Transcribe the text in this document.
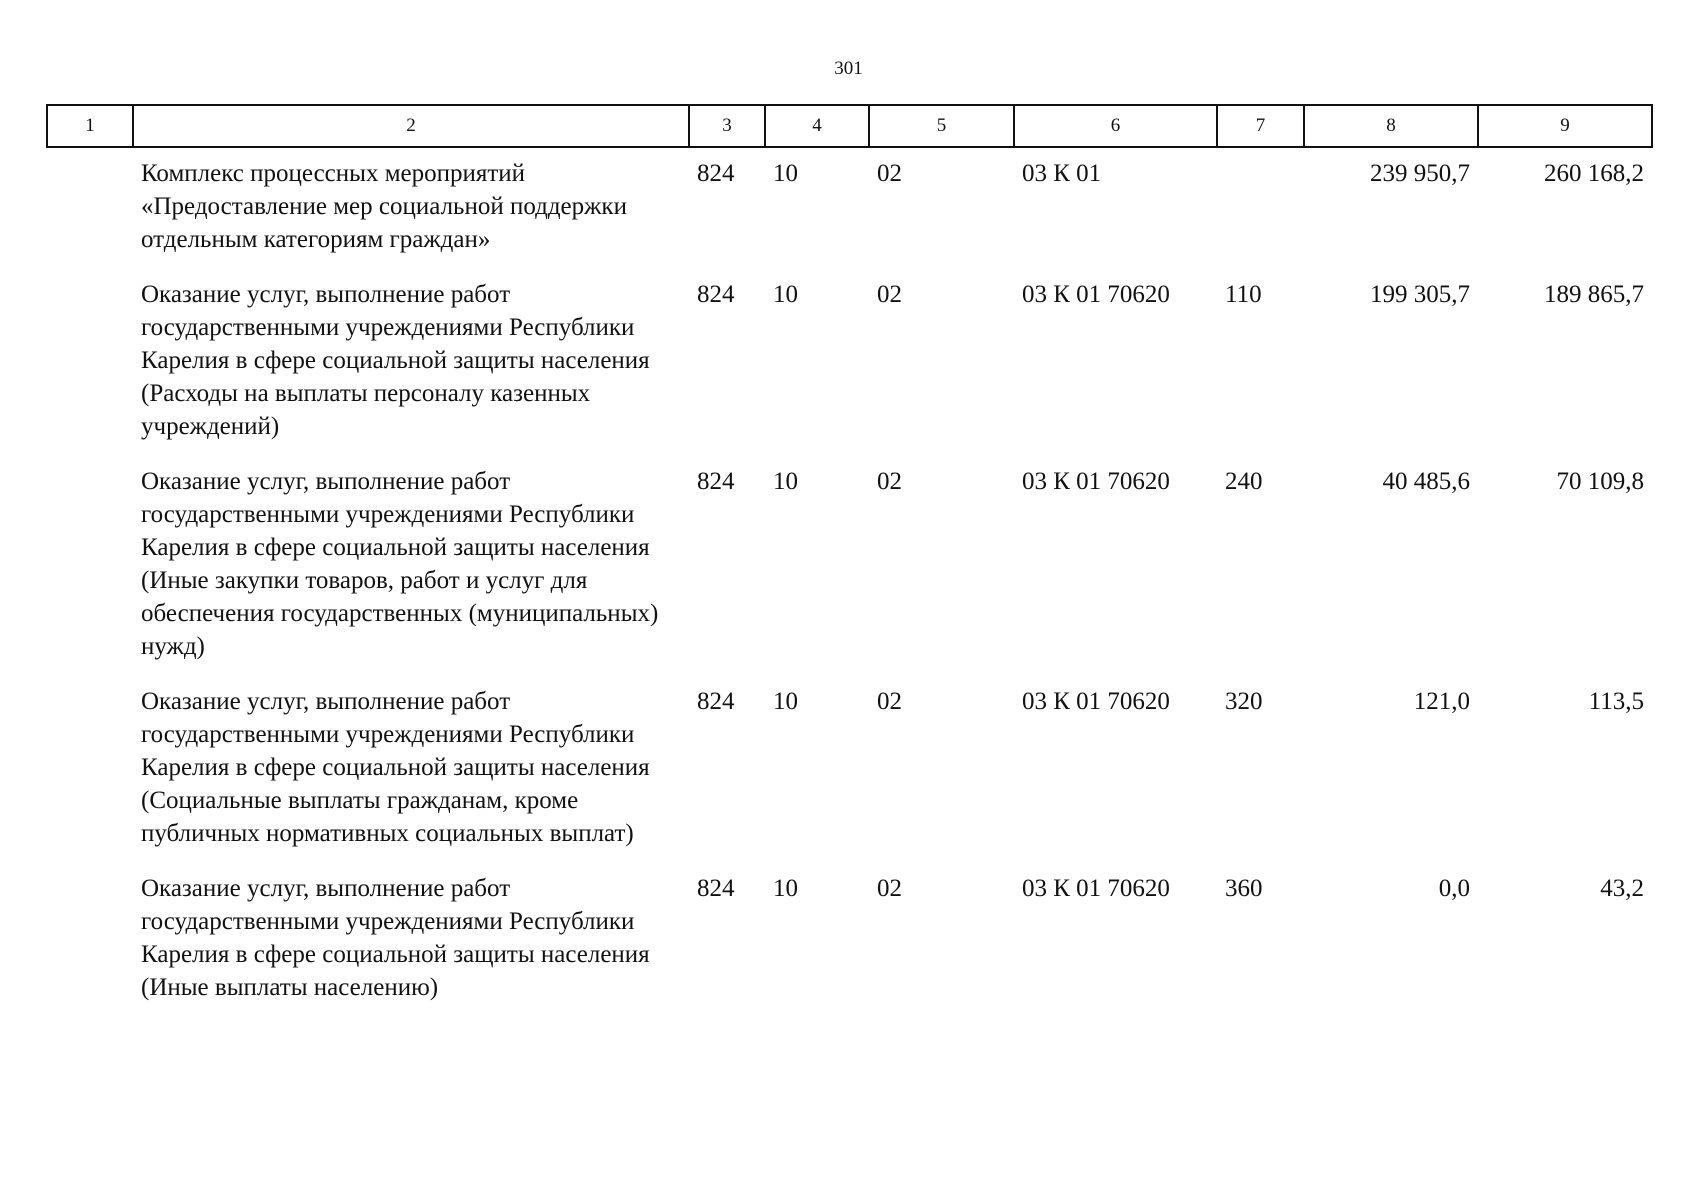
301
1	2	3	4	5	6	7	8	9
	Комплекс процессных мероприятий «Предоставление мер социальной поддержки отдельным категориям граждан»	824	10	02	03 К 01		239 950,7	260 168,2
	Оказание услуг, выполнение работ государственными учреждениями Республики Карелия в сфере социальной защиты населения (Расходы на выплаты персоналу казенных учреждений)	824	10	02	03 К 01 70620	110	199 305,7	189 865,7
	Оказание услуг, выполнение работ государственными учреждениями Республики Карелия в сфере социальной защиты населения (Иные закупки товаров, работ и услуг для обеспечения государственных (муниципальных) нужд)	824	10	02	03 К 01 70620	240	40 485,6	70 109,8
	Оказание услуг, выполнение работ государственными учреждениями Республики Карелия в сфере социальной защиты населения (Социальные выплаты гражданам, кроме публичных нормативных социальных выплат)	824	10	02	03 К 01 70620	320	121,0	113,5
	Оказание услуг, выполнение работ государственными учреждениями Республики Карелия в сфере социальной защиты населения (Иные выплаты населению)	824	10	02	03 К 01 70620	360	0,0	43,2
